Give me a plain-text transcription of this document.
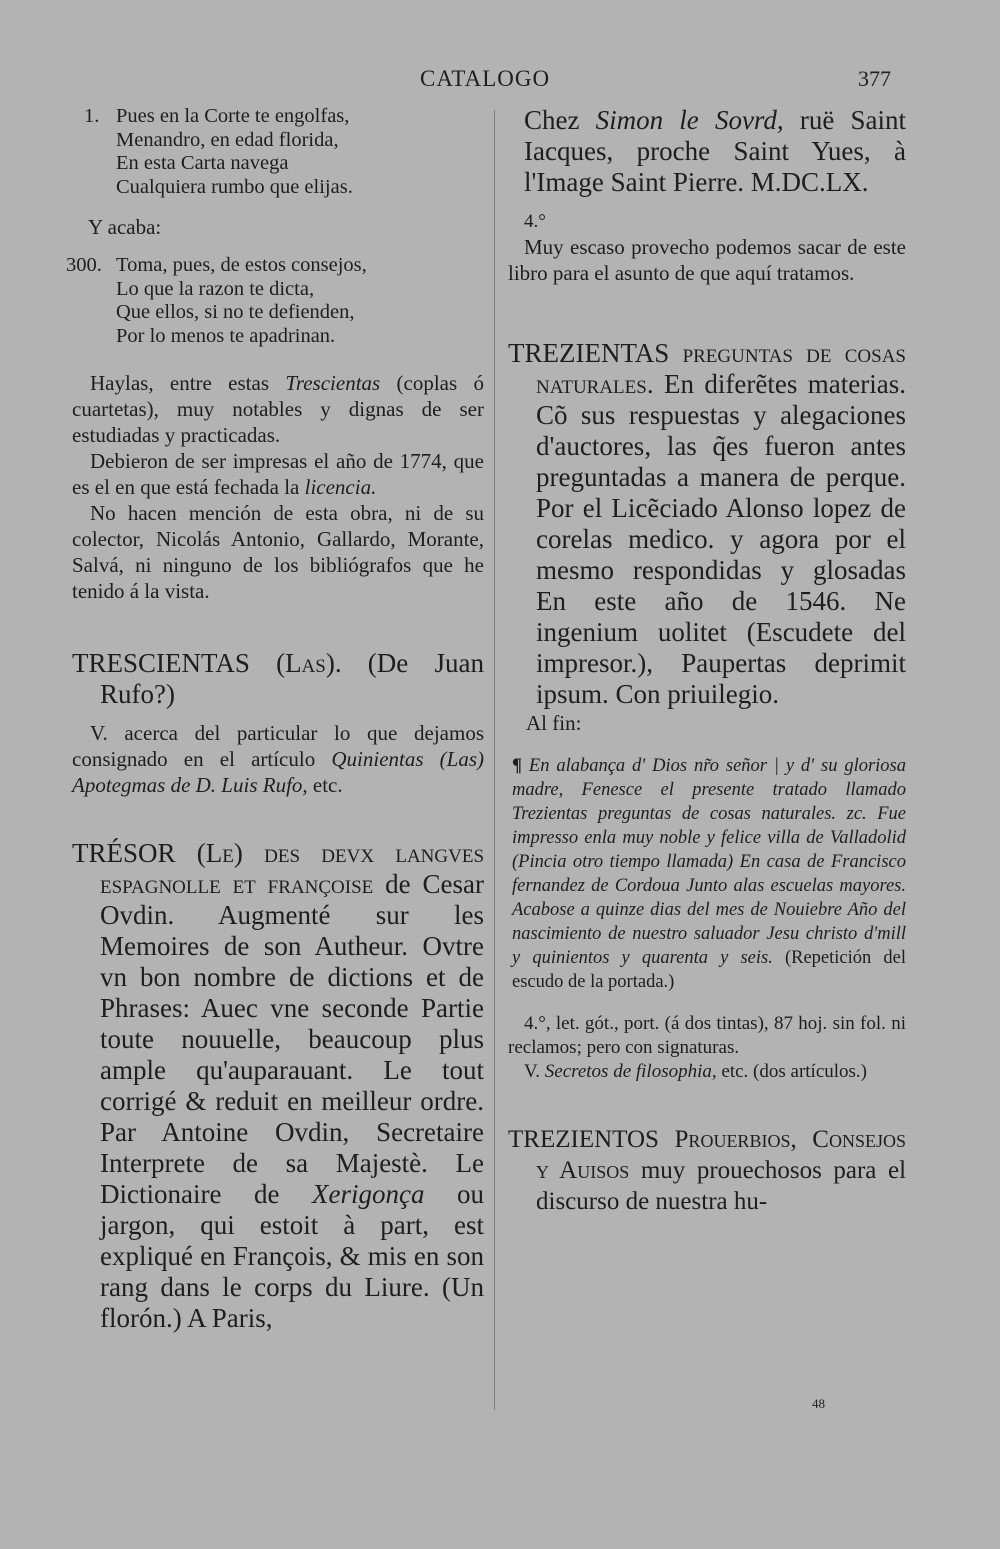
CATALOGO	377
1. Pues en la Corte te engolfas,
Menandro, en edad florida,
En esta Carta navega
Cualquiera rumbo que elijas.
Y acaba:
300. Toma, pues, de estos consejos,
Lo que la razon te dicta,
Que ellos, si no te defienden,
Por lo menos te apadrinan.

Haylas, entre estas Trescientas (coplas ó cuartetas), muy notables y dignas de ser estudiadas y practicadas.

Debieron de ser impresas el año de 1774, que es el en que está fechada la licencia.

No hacen mención de esta obra, ni de su colector, Nicolás Antonio, Gallardo, Morante, Salvá, ni ninguno de los bibliógrafos que he tenido á la vista.

TRESCIENTAS (Las). (De Juan Rufo?)

V. acerca del particular lo que dejamos consignado en el artículo Quinientas (Las) Apotegmas de D. Luis Rufo, etc.

TRÉSOR (Le) des devx langves espagnolle et françoise de Cesar Ovdin. Augmenté sur les Memoires de son Autheur. Ovtre vn bon nombre de dictions et de Phrases: Auec vne seconde Partie toute nouuelle, beaucoup plus ample qu'auparauant. Le tout corrigé & reduit en meilleur ordre. Par Antoine Ovdin, Secretaire Interprete de sa Majestè. Le Dictionaire de Xerigonça ou jargon, qui estoit à part, est expliqué en François, & mis en son rang dans le corps du Liure. (Un florón.) A Paris,

Chez Simon le Sovrd, ruë Saint Iacques, proche Saint Yues, à l'Image Saint Pierre. M.DC.LX.

4.°

Muy escaso provecho podemos sacar de este libro para el asunto de que aquí tratamos.

TREZIENTAS preguntas de cosas naturales. En diferẽtes materias. Cõ sus respuestas y alegaciones d'auctores, las q̃es fueron antes preguntadas a manera de perque. Por el Licẽciado Alonso lopez de corelas medico. y agora por el mesmo respondidas y glosadas En este año de 1546. Ne ingenium uolitet (Escudete del impresor.), Paupertas deprimit ipsum. Con priuilegio.

Al fin:

¶ En alabança d' Dios nr̃o señor | y d' su gloriosa madre, Fenesce el presente tratado llamado Trezientas preguntas de cosas naturales. zc. Fue impresso enla muy noble y felice villa de Valladolid (Pincia otro tiempo llamada) En casa de Francisco fernandez de Cordoua Junto alas escuelas mayores. Acabose a quinze dias del mes de Nouiebre Año del nascimiento de nuestro saluador Jesu christo d'mill y quinientos y quarenta y seis. (Repetición del escudo de la portada.)

4.°, let. gót., port. (á dos tintas), 87 hoj. sin fol. ni reclamos; pero con signaturas.

V. Secretos de filosophia, etc. (dos artículos.)

TREZIENTOS Prouerbios, Consejos y Auisos muy prouechosos para el discurso de nuestra hu-

48
